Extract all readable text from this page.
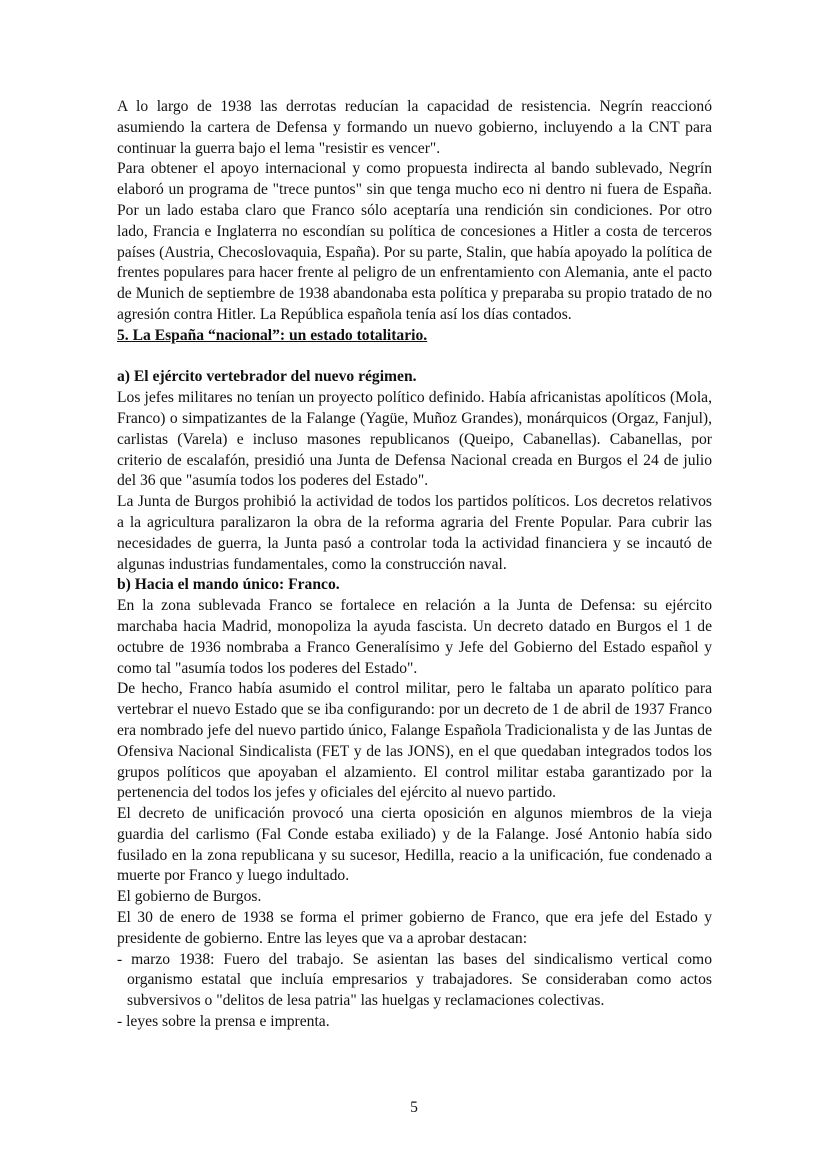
A lo largo de 1938 las derrotas reducían la capacidad de resistencia. Negrín reaccionó asumiendo la cartera de Defensa y formando un nuevo gobierno, incluyendo a la CNT para continuar la guerra bajo el lema "resistir es vencer".

Para obtener el apoyo internacional y como propuesta indirecta al bando sublevado, Negrín elaboró un programa de "trece puntos" sin que tenga mucho eco ni dentro ni fuera de España. Por un lado estaba claro que Franco sólo aceptaría una rendición sin condiciones. Por otro lado, Francia e Inglaterra no escondían su política de concesiones a Hitler a costa de terceros países (Austria, Checoslovaquia, España). Por su parte, Stalin, que había apoyado la política de frentes populares para hacer frente al peligro de un enfrentamiento con Alemania, ante el pacto de Munich de septiembre de 1938 abandonaba esta política y preparaba su propio tratado de no agresión contra Hitler. La República española tenía así los días contados.

5. La España “nacional”: un estado totalitario.

a) El ejército vertebrador del nuevo régimen.

Los jefes militares no tenían un proyecto político definido. Había africanistas apolíticos (Mola, Franco) o simpatizantes de la Falange (Yagüe, Muñoz Grandes), monárquicos (Orgaz, Fanjul), carlistas (Varela) e incluso masones republicanos (Queipo, Cabanellas). Cabanellas, por criterio de escalafón, presidió una Junta de Defensa Nacional creada en Burgos el 24 de julio del 36 que "asumía todos los poderes del Estado".

La Junta de Burgos prohibió la actividad de todos los partidos políticos. Los decretos relativos a la agricultura paralizaron la obra de la reforma agraria del Frente Popular. Para cubrir las necesidades de guerra, la Junta pasó a controlar toda la actividad financiera y se incautó de algunas industrias fundamentales, como la construcción naval.

b) Hacia el mando único: Franco.

En la zona sublevada Franco se fortalece en relación a la Junta de Defensa: su ejército marchaba hacia Madrid, monopoliza la ayuda fascista. Un decreto datado en Burgos el 1 de octubre de 1936 nombraba a Franco Generalísimo y Jefe del Gobierno del Estado español y como tal "asumía todos los poderes del Estado".

De hecho, Franco había asumido el control militar, pero le faltaba un aparato político para vertebrar el nuevo Estado que se iba configurando: por un decreto de 1 de abril de 1937 Franco era nombrado jefe del nuevo partido único, Falange Española Tradicionalista y de las Juntas de Ofensiva Nacional Sindicalista (FET y de las JONS), en el que quedaban integrados todos los grupos políticos que apoyaban el alzamiento. El control militar estaba garantizado por la pertenencia del todos los jefes y oficiales del ejército al nuevo partido.

El decreto de unificación provocó una cierta oposición en algunos miembros de la vieja guardia del carlismo (Fal Conde estaba exiliado) y de la Falange. José Antonio había sido fusilado en la zona republicana y su sucesor, Hedilla, reacio a la unificación, fue condenado a muerte por Franco y luego indultado.

El gobierno de Burgos.

El 30 de enero de 1938 se forma el primer gobierno de Franco, que era jefe del Estado y presidente de gobierno. Entre las leyes que va a aprobar destacan:

- marzo 1938: Fuero del trabajo. Se asientan las bases del sindicalismo vertical como organismo estatal que incluía empresarios y trabajadores. Se consideraban como actos subversivos o "delitos de lesa patria" las huelgas y reclamaciones colectivas.

- leyes sobre la prensa e imprenta.

5
